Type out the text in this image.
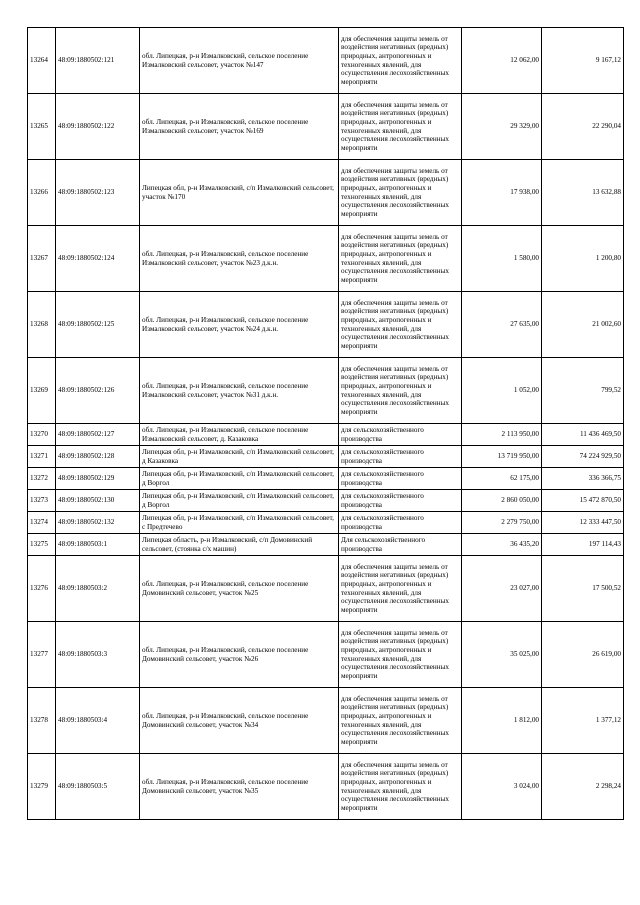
13264	48:09:1880502:121	обл. Липецкая, р-н Измалковский, сельское поселение Измалковский сельсовет, участок №147	для обеспечения защиты земель от воздействия негативных (вредных) природных, антропогенных и техногенных явлений, для осуществления лесохозяйственных мероприяти	12 062,00	9 167,12
13265	48:09:1880502:122	обл. Липецкая, р-н Измалковский, сельское поселение Измалковский сельсовет, участок №169	для обеспечения защиты земель от воздействия негативных (вредных) природных, антропогенных и техногенных явлений, для осуществления лесохозяйственных мероприяти	29 329,00	22 290,04
13266	48:09:1880502:123	Липецкая обл, р-н Измалковский, с/п Измалковский сельсовет, участок №170	для обеспечения защиты земель от воздействия негативных (вредных) природных, антропогенных и техногенных явлений, для осуществления лесохозяйственных мероприяти	17 938,00	13 632,88
13267	48:09:1880502:124	обл. Липецкая, р-н Измалковский, сельское поселение Измалковский сельсовет, участок №23 д.к.н.	для обеспечения защиты земель от воздействия негативных (вредных) природных, антропогенных и техногенных явлений, для осуществления лесохозяйственных мероприяти	1 580,00	1 200,80
13268	48:09:1880502:125	обл. Липецкая, р-н Измалковский, сельское поселение Измалковский сельсовет, участок №24 д.к.н.	для обеспечения защиты земель от воздействия негативных (вредных) природных, антропогенных и техногенных явлений, для осуществления лесохозяйственных мероприяти	27 635,00	21 002,60
13269	48:09:1880502:126	обл. Липецкая, р-н Измалковский, сельское поселение Измалковский сельсовет, участок №31 д.к.н.	для обеспечения защиты земель от воздействия негативных (вредных) природных, антропогенных и техногенных явлений, для осуществления лесохозяйственных мероприяти	1 052,00	799,52
13270	48:09:1880502:127	обл. Липецкая, р-н Измалковский, сельское поселение Измалковский сельсовет, д. Казаковка	для сельскохозяйственного производства	2 113 950,00	11 436 469,50
13271	48:09:1880502:128	Липецкая обл, р-н Измалковский, с/п Измалковский сельсовет, д Казаковка	для сельскохозяйственного производства	13 719 950,00	74 224 929,50
13272	48:09:1880502:129	Липецкая обл, р-н Измалковский, с/п Измалковский сельсовет, д Воргол	для сельскохозяйственного производства	62 175,00	336 366,75
13273	48:09:1880502:130	Липецкая обл, р-н Измалковский, с/п Измалковский сельсовет, д Воргол	для сельскохозяйственного производства	2 860 050,00	15 472 870,50
13274	48:09:1880502:132	Липецкая обл, р-н Измалковский, с/п Измалковский сельсовет, с Предтечево	для сельскохозяйственного производства	2 279 750,00	12 333 447,50
13275	48:09:1880503:1	Липецкая область, р-н Измалковский, с/п Домовинский сельсовет, (стоянка с/х машин)	Для сельскохозяйственного производства	36 435,20	197 114,43
13276	48:09:1880503:2	обл. Липецкая, р-н Измалковский, сельское поселение Домовинский сельсовет, участок №25	для обеспечения защиты земель от воздействия негативных (вредных) природных, антропогенных и техногенных явлений, для осуществления лесохозяйственных мероприяти	23 027,00	17 500,52
13277	48:09:1880503:3	обл. Липецкая, р-н Измалковский, сельское поселение Домовинский сельсовет, участок №26	для обеспечения защиты земель от воздействия негативных (вредных) природных, антропогенных и техногенных явлений, для осуществления лесохозяйственных мероприяти	35 025,00	26 619,00
13278	48:09:1880503:4	обл. Липецкая, р-н Измалковский, сельское поселение Домовинский сельсовет, участок №34	для обеспечения защиты земель от воздействия негативных (вредных) природных, антропогенных и техногенных явлений, для осуществления лесохозяйственных мероприяти	1 812,00	1 377,12
13279	48:09:1880503:5	обл. Липецкая, р-н Измалковский, сельское поселение Домовинский сельсовет, участок №35	для обеспечения защиты земель от воздействия негативных (вредных) природных, антропогенных и техногенных явлений, для осуществления лесохозяйственных мероприяти	3 024,00	2 298,24
